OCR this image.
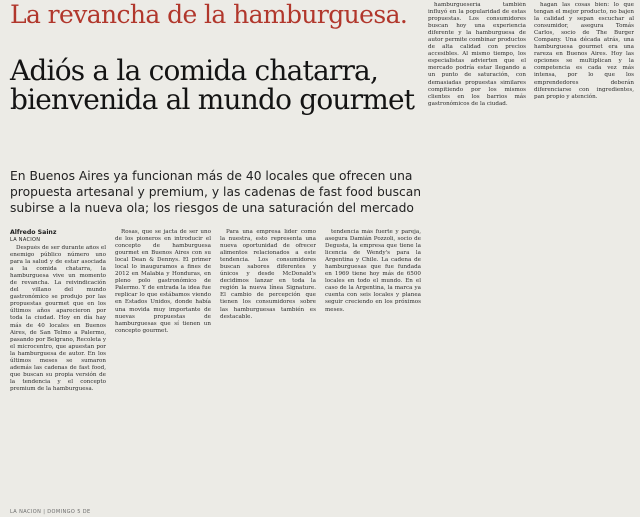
La revancha de la hamburguesa.
Adiós a la comida chatarra, bienvenida al mundo gourmet
En Buenos Aires ya funcionan más de 40 locales que ofrecen una propuesta artesanal y premium, y las cadenas de fast food buscan subirse a la nueva ola; los riesgos de una saturación del mercado
Alfredo Sainz
LA NACION

Después de ser durante años el enemigo público número uno para la salud y de estar asociada a la comida chatarra, la hamburguesa vive un momento de revancha. La reivindicación del villano del mundo gastronómico se produjo por las propuestas gourmet que en los últimos años aparecieron por toda la ciudad. Hoy en día hay más de 40 locales en Buenos Aires, de San Telmo a Palermo, pasando por Belgrano, Recoleta y el microcentro, que apuestan por la hamburguesa de autor. En los últimos meses se sumaron además las cadenas de fast food, que buscan su propia versión de la tendencia y el concepto premium de la hamburguesa.

Rosas, que se jacta de ser uno de los pioneros en introducir el concepto de hamburguesa gourmet en Buenos Aires con su local Dean & Dennys. El primer local lo inauguramos a fines de 2012 en Malabia y Honduras, en pleno polo gastronómico de Palermo. Y de entrada la idea fue replicar lo que estábamos viendo en Estados Unidos, donde había una movida muy importante de nuevas propuestas de hamburguesas que sí tienen un concepto gourmet.

Para una empresa líder como la nuestra, esto representa una nueva oportunidad de ofrecer alimentos relacionados a este tendencia. Los consumidores buscan sabores diferentes y únicos y desde McDonald's decidimos lanzar en toda la región la nueva línea Signature. El cambio de percepción que tienen los consumidores sobre las hamburguesas también es destacable.

tendencia más fuerte y pareja, asegura Damián Pozzoli, socio de Degusta, la empresa que tiene la licencia de Wendy's para la Argentina y Chile. La cadena de hamburguesas que fue fundada en 1969 tiene hoy más de 6500 locales en todo el mundo. En el caso de la Argentina, la marca ya cuenta con seis locales y planea seguir creciendo en los próximos meses.

hamburguesería también influyó en la popularidad de estas propuestas. Los consumidores buscan hoy una experiencia diferente y la hamburguesa de autor permite combinar productos de alta calidad con precios accesibles. Al mismo tiempo, los especialistas advierten que el mercado podría estar llegando a un punto de saturación, con demasiadas propuestas similares compitiendo por los mismos clientes en los barrios más gastronómicos de la ciudad.

hagan las cosas bien: lo que tengan el mejor producto, no bajen la calidad y sepan escuchar al consumidor, asegura Tomás Carlos, socio de The Burger Company. Una década atrás, una hamburguesa gourmet era una rareza en Buenos Aires. Hoy las opciones se multiplican y la competencia es cada vez más intensa, por lo que los emprendedores deberán diferenciarse con ingredientes, pan propio y atención.

LA NACION | DOMINGO 5 DE
